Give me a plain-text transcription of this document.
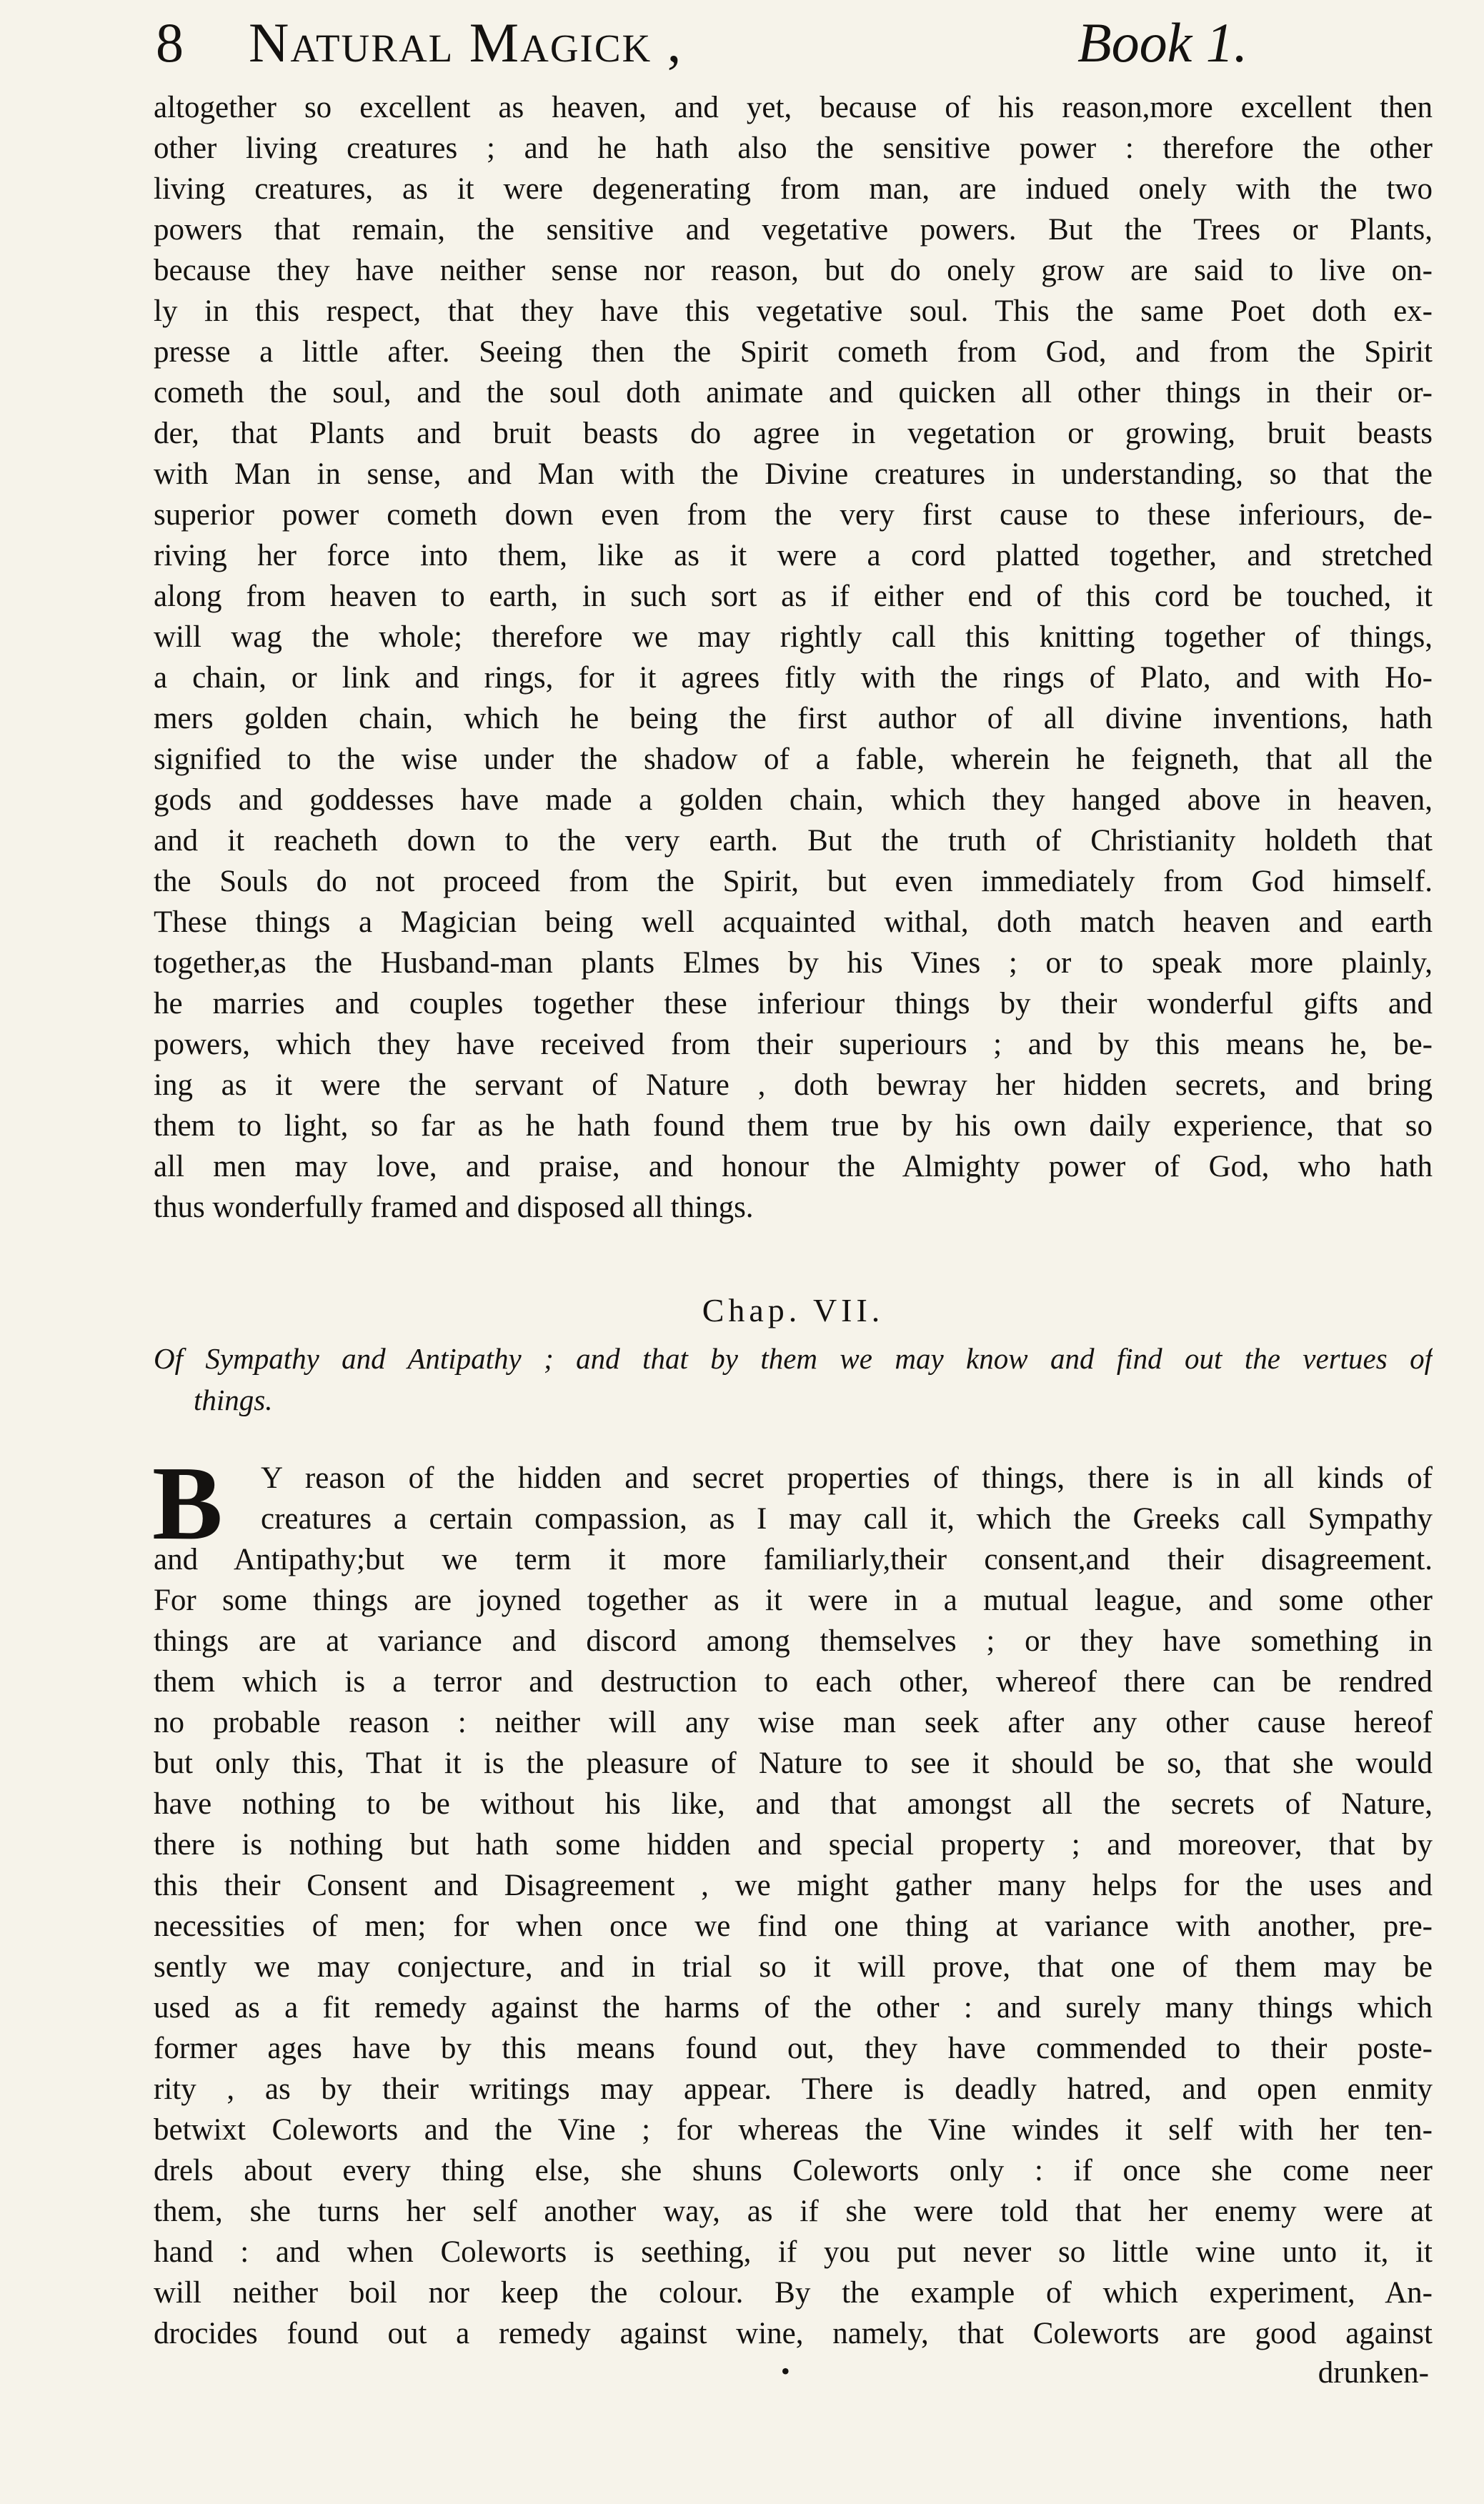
8 Natural Magick ,	Book 1.
altogether so excellent as heaven, and yet, because of his reason,more excellent then
other living creatures ; and he hath also the sensitive power : therefore the other
living creatures, as it were degenerating from man, are indued onely with the two
powers that remain, the sensitive and vegetative powers. But the Trees or Plants,
because they have neither sense nor reason, but do onely grow are said to live on-
ly in this respect, that they have this vegetative soul. This the same Poet doth ex-
presse a little after. Seeing then the Spirit cometh from God, and from the Spirit
cometh the soul, and the soul doth animate and quicken all other things in their or-
der, that Plants and bruit beasts do agree in vegetation or growing, bruit beasts
with Man in sense, and Man with the Divine creatures in understanding, so that the
superior power cometh down even from the very first cause to these inferiours, de-
riving her force into them, like as it were a cord platted together, and stretched
along from heaven to earth, in such sort as if either end of this cord be touched, it
will wag the whole; therefore we may rightly call this knitting together of things,
a chain, or link and rings, for it agrees fitly with the rings of Plato, and with Ho-
mers golden chain, which he being the first author of all divine inventions, hath
signified to the wise under the shadow of a fable, wherein he feigneth, that all the
gods and goddesses have made a golden chain, which they hanged above in heaven,
and it reacheth down to the very earth. But the truth of Christianity holdeth that
the Souls do not proceed from the Spirit, but even immediately from God himself.
These things a Magician being well acquainted withal, doth match heaven and earth
together,as the Husband-man plants Elmes by his Vines ; or to speak more plainly,
he marries and couples together these inferiour things by their wonderful gifts and
powers, which they have received from their superiours ; and by this means he, be-
ing as it were the servant of Nature , doth bewray her hidden secrets, and bring
them to light, so far as he hath found them true by his own daily experience, that so
all men may love, and praise, and honour the Almighty power of God, who hath
thus wonderfully framed and disposed all things.
Chap. VII.
Of Sympathy and Antipathy ; and that by them we may know and find out the vertues of
things.
B	Y reason of the hidden and secret properties of things, there is in all kinds of
creatures a certain compassion, as I may call it, which the Greeks call Sympathy
and Antipathy;but we term it more familiarly,their consent,and their disagreement.
For some things are joyned together as it were in a mutual league, and some other
things are at variance and discord among themselves ; or they have something in
them which is a terror and destruction to each other, whereof there can be rendred
no probable reason : neither will any wise man seek after any other cause hereof
but only this, That it is the pleasure of Nature to see it should be so, that she would
have nothing to be without his like, and that amongst all the secrets of Nature,
there is nothing but hath some hidden and special property ; and moreover, that by
this their Consent and Disagreement , we might gather many helps for the uses and
necessities of men; for when once we find one thing at variance with another, pre-
sently we may conjecture, and in trial so it will prove, that one of them may be
used as a fit remedy against the harms of the other : and surely many things which
former ages have by this means found out, they have commended to their poste-
rity , as by their writings may appear. There is deadly hatred, and open enmity
betwixt Coleworts and the Vine ; for whereas the Vine windes it self with her ten-
drels about every thing else, she shuns Coleworts only : if once she come neer
them, she turns her self another way, as if she were told that her enemy were at
hand : and when Coleworts is seething, if you put never so little wine unto it, it
will neither boil nor keep the colour. By the example of which experiment, An-
drocides found out a remedy against wine, namely, that Coleworts are good against
•	drunken-
